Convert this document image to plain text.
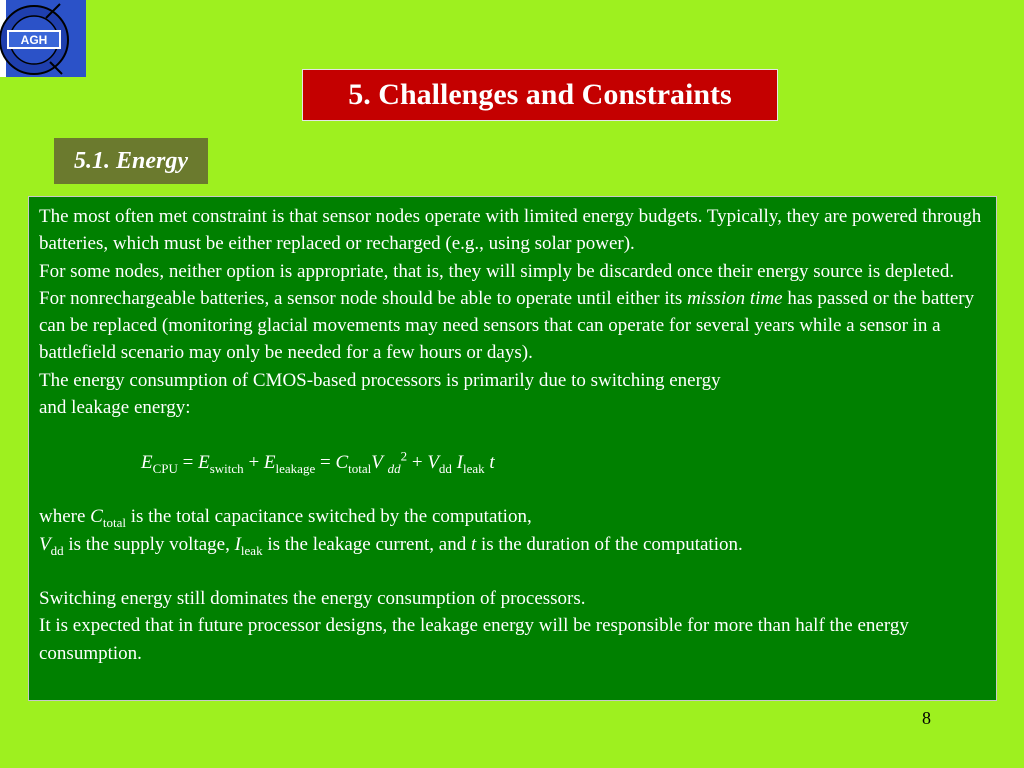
AGH
5. Challenges and Constraints
5.1. Energy

The most often met constraint is that sensor nodes operate with limited energy budgets. Typically, they are powered through batteries, which must be either replaced or recharged (e.g., using solar power).

For some nodes, neither option is appropriate, that is, they will simply be discarded once their energy source is depleted.

For nonrechargeable batteries, a sensor node should be able to operate until either its mission time has passed or the battery can be replaced (monitoring glacial movements may need sensors that can operate for several years while a sensor in a battlefield scenario may only be needed for a few hours or days).

The energy consumption of CMOS-based processors is primarily due to switching energy

and leakage energy:

$E_{CPU} = E_{switch} + E_{leakage} = C_{total}V$ $_{dd}^2 + V_{dd}$ $I_{leak}$ t

where $C_{total}$ is the total capacitance switched by the computation,

$V_{dd}$ is the supply voltage, $I_{leak}$ is the leakage current, and t is the duration of the computation.

Switching energy still dominates the energy consumption of processors.

It is expected that in future processor designs, the leakage energy will be responsible for more than half the energy consumption.

8
